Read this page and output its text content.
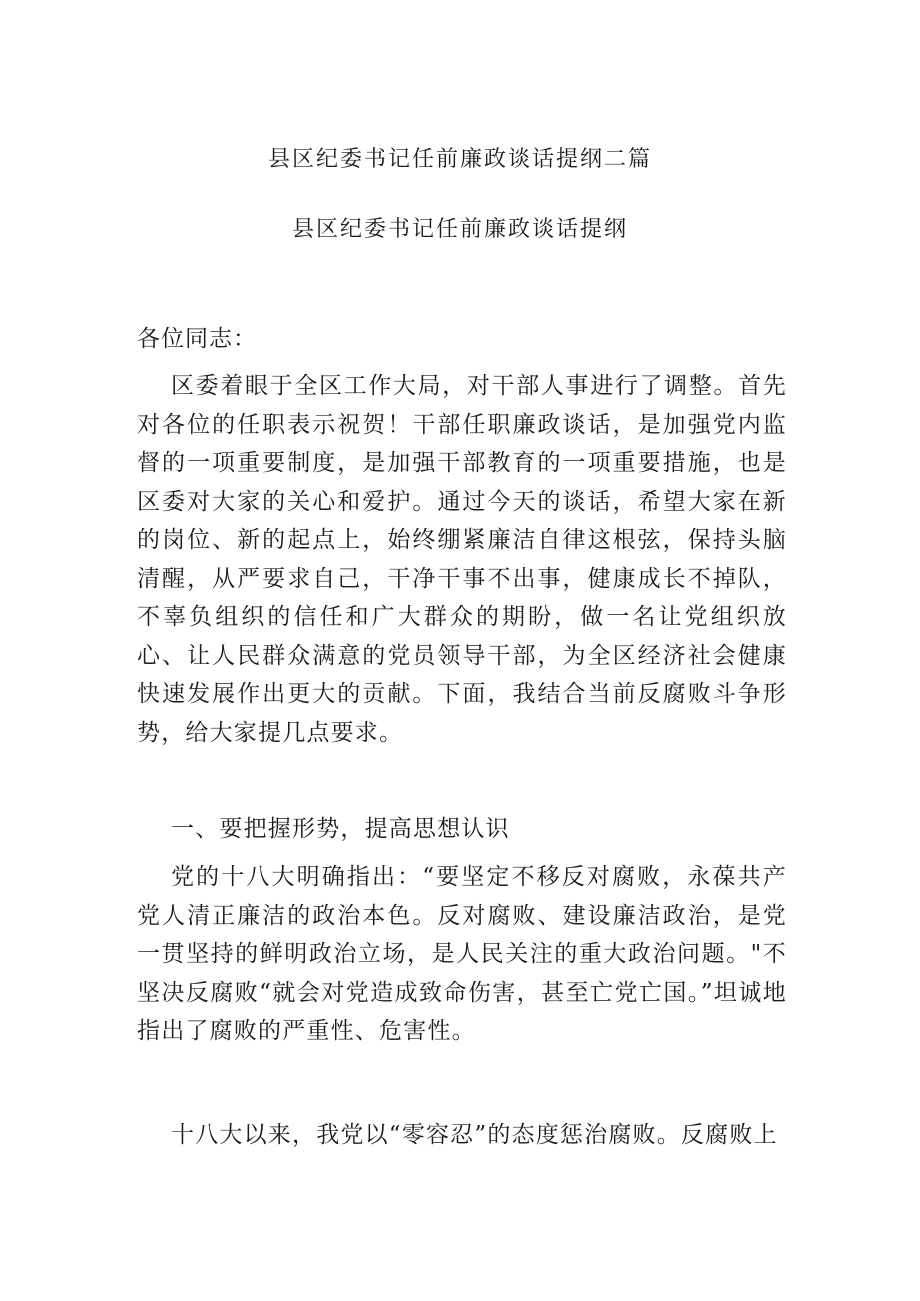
县区纪委书记任前廉政谈话提纲二篇
县区纪委书记任前廉政谈话提纲
各位同志：

区委着眼于全区工作大局，对干部人事进行了调整。首先对各位的任职表示祝贺！干部任职廉政谈话，是加强党内监督的一项重要制度，是加强干部教育的一项重要措施，也是区委对大家的关心和爱护。通过今天的谈话，希望大家在新的岗位、新的起点上，始终绷紧廉洁自律这根弦，保持头脑清醒，从严要求自己，干净干事不出事，健康成长不掉队，不辜负组织的信任和广大群众的期盼，做一名让党组织放心、让人民群众满意的党员领导干部，为全区经济社会健康快速发展作出更大的贡献。下面，我结合当前反腐败斗争形势，给大家提几点要求。

一、要把握形势，提高思想认识

党的十八大明确指出：“要坚定不移反对腐败，永葆共产党人清正廉洁的政治本色。反对腐败、建设廉洁政治，是党一贯坚持的鲜明政治立场，是人民关注的重大政治问题。"不坚决反腐败“就会对党造成致命伤害，甚至亡党亡国。”坦诚地指出了腐败的严重性、危害性。

十八大以来，我党以“零容忍”的态度惩治腐败。反腐败上
